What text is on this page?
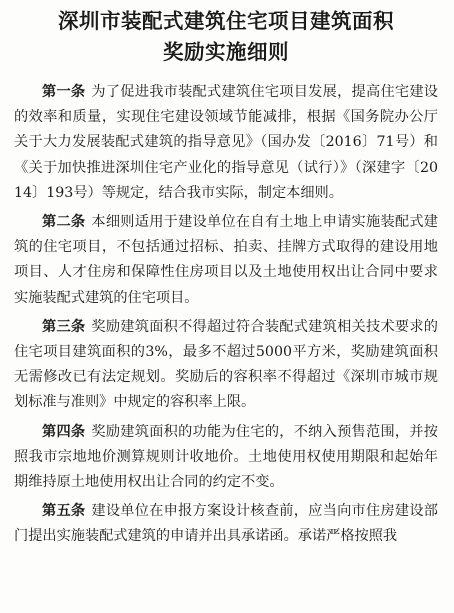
深圳市装配式建筑住宅项目建筑面积
奖励实施细则

第一条 为了促进我市装配式建筑住宅项目发展，提高住宅建设的效率和质量，实现住宅建设领域节能减排，根据《国务院办公厅关于大力发展装配式建筑的指导意见》（国办发〔2016〕71号）和《关于加快推进深圳住宅产业化的指导意见（试行）》（深建字〔2014〕193号）等规定，结合我市实际，制定本细则。

第二条 本细则适用于建设单位在自有土地上申请实施装配式建筑的住宅项目，不包括通过招标、拍卖、挂牌方式取得的建设用地项目、人才住房和保障性住房项目以及土地使用权出让合同中要求实施装配式建筑的住宅项目。

第三条 奖励建筑面积不得超过符合装配式建筑相关技术要求的住宅项目建筑面积的3%，最多不超过5000平方米，奖励建筑面积无需修改已有法定规划。奖励后的容积率不得超过《深圳市城市规划标准与准则》中规定的容积率上限。

第四条 奖励建筑面积的功能为住宅的，不纳入预售范围，并按照我市宗地地价测算规则计收地价。土地使用权使用期限和起始年期维持原土地使用权出让合同的约定不变。

第五条 建设单位在申报方案设计核查前，应当向市住房建设部门提出实施装配式建筑的申请并出具承诺函。承诺严格按照我
